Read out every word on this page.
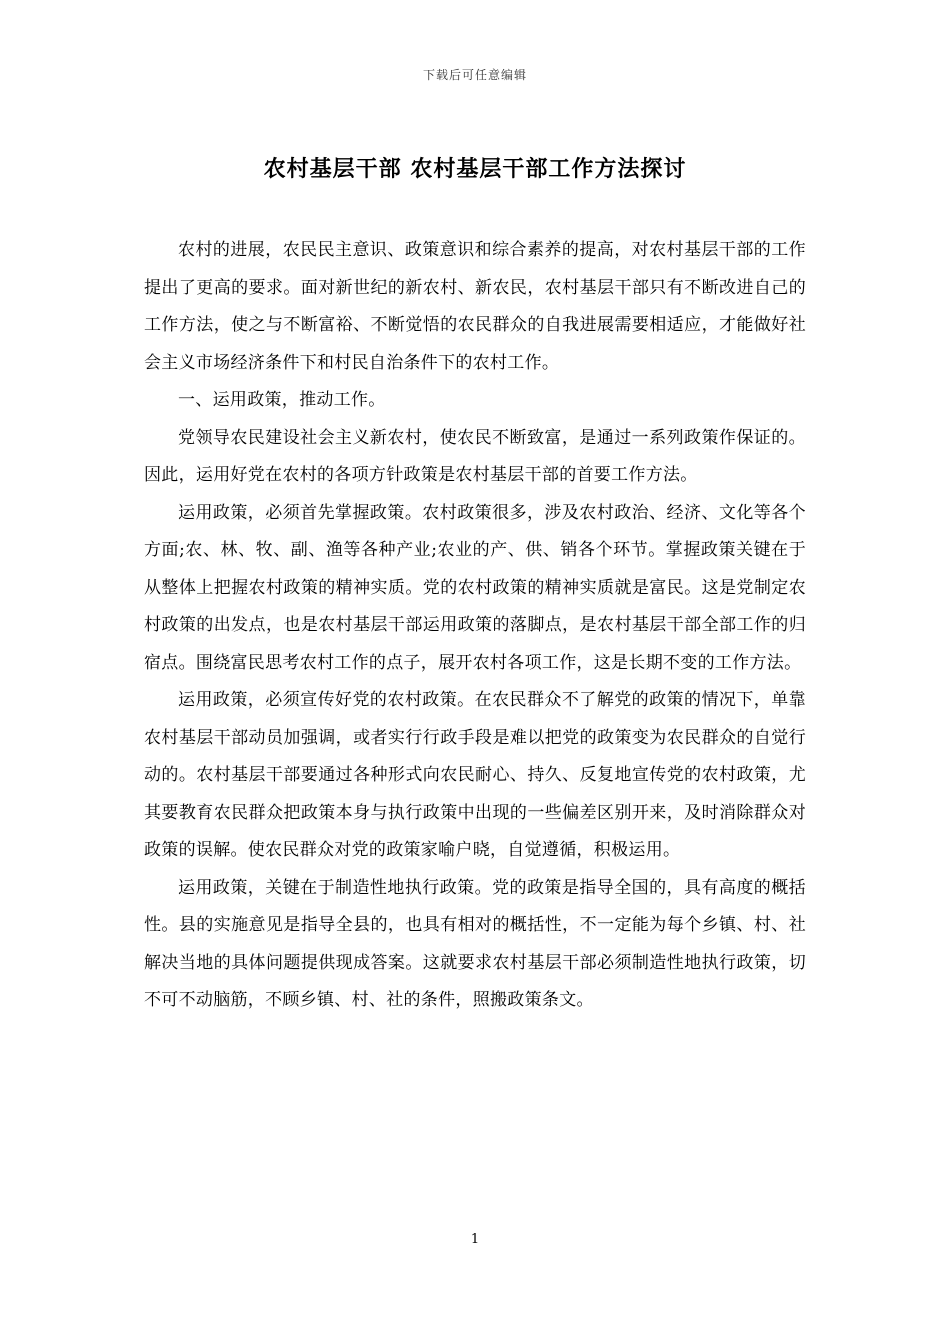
下载后可任意编辑
农村基层干部 农村基层干部工作方法探讨

农村的进展，农民民主意识、政策意识和综合素养的提高，对农村基层干部的工作提出了更高的要求。面对新世纪的新农村、新农民，农村基层干部只有不断改进自己的工作方法，使之与不断富裕、不断觉悟的农民群众的自我进展需要相适应，才能做好社会主义市场经济条件下和村民自治条件下的农村工作。

一、运用政策，推动工作。

党领导农民建设社会主义新农村，使农民不断致富，是通过一系列政策作保证的。因此，运用好党在农村的各项方针政策是农村基层干部的首要工作方法。

运用政策，必须首先掌握政策。农村政策很多，涉及农村政治、经济、文化等各个方面;农、林、牧、副、渔等各种产业;农业的产、供、销各个环节。掌握政策关键在于从整体上把握农村政策的精神实质。党的农村政策的精神实质就是富民。这是党制定农村政策的出发点，也是农村基层干部运用政策的落脚点，是农村基层干部全部工作的归宿点。围绕富民思考农村工作的点子，展开农村各项工作，这是长期不变的工作方法。

运用政策，必须宣传好党的农村政策。在农民群众不了解党的政策的情况下，单靠农村基层干部动员加强调，或者实行行政手段是难以把党的政策变为农民群众的自觉行动的。农村基层干部要通过各种形式向农民耐心、持久、反复地宣传党的农村政策，尤其要教育农民群众把政策本身与执行政策中出现的一些偏差区别开来，及时消除群众对政策的误解。使农民群众对党的政策家喻户晓，自觉遵循，积极运用。

运用政策，关键在于制造性地执行政策。党的政策是指导全国的，具有高度的概括性。县的实施意见是指导全县的，也具有相对的概括性，不一定能为每个乡镇、村、社解决当地的具体问题提供现成答案。这就要求农村基层干部必须制造性地执行政策，切不可不动脑筋，不顾乡镇、村、社的条件，照搬政策条文。

1
